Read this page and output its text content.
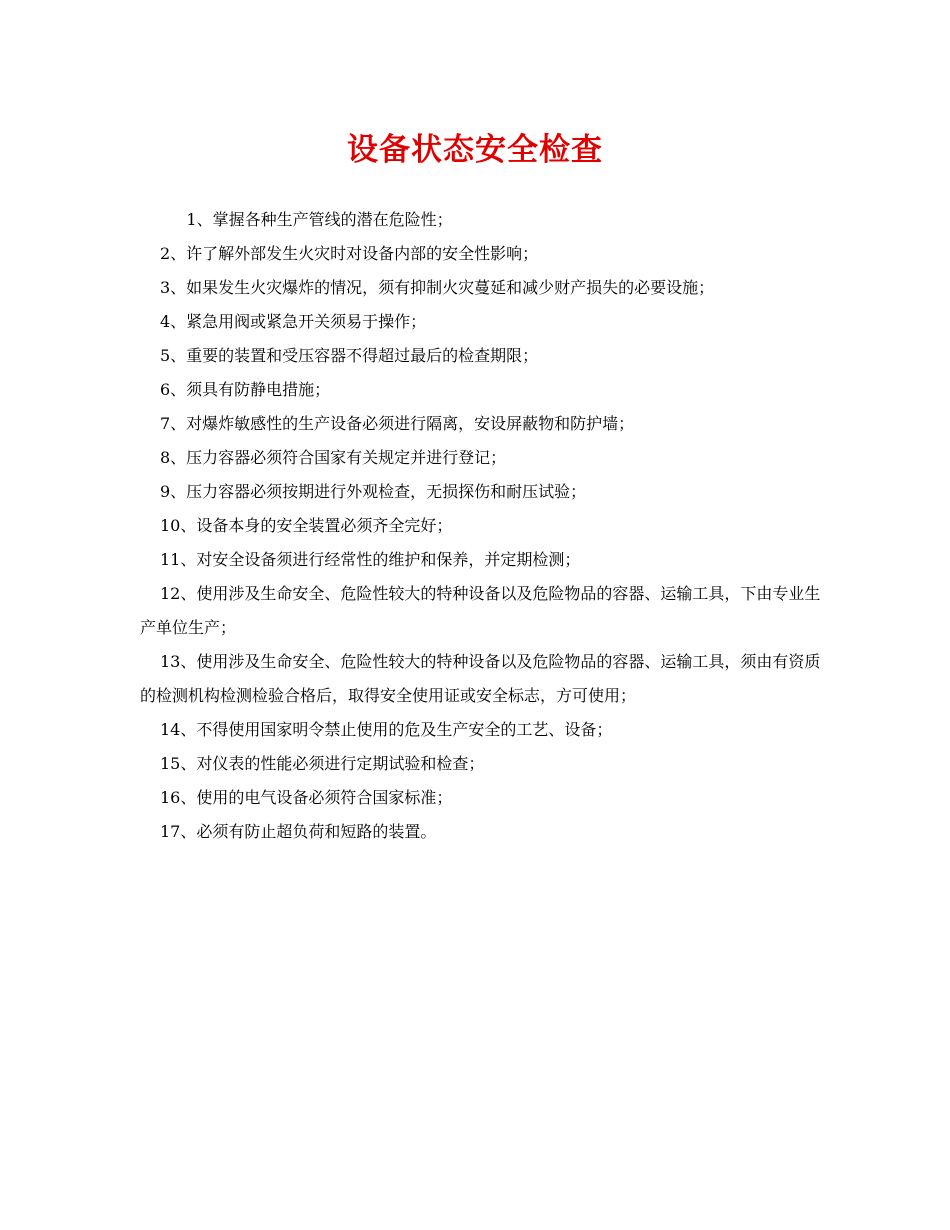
设备状态安全检查

1、掌握各种生产管线的潜在危险性；

2、许了解外部发生火灾时对设备内部的安全性影响；

3、如果发生火灾爆炸的情况，须有抑制火灾蔓延和减少财产损失的必要设施；

4、紧急用阀或紧急开关须易于操作；

5、重要的装置和受压容器不得超过最后的检查期限；

6、须具有防静电措施；

7、对爆炸敏感性的生产设备必须进行隔离，安设屏蔽物和防护墙；

8、压力容器必须符合国家有关规定并进行登记；

9、压力容器必须按期进行外观检查，无损探伤和耐压试验；

10、设备本身的安全装置必须齐全完好；

11、对安全设备须进行经常性的维护和保养，并定期检测；

12、使用涉及生命安全、危险性较大的特种设备以及危险物品的容器、运输工具，下由专业生产单位生产；

13、使用涉及生命安全、危险性较大的特种设备以及危险物品的容器、运输工具，须由有资质的检测机构检测检验合格后，取得安全使用证或安全标志，方可使用；

14、不得使用国家明令禁止使用的危及生产安全的工艺、设备；

15、对仪表的性能必须进行定期试验和检查；

16、使用的电气设备必须符合国家标准；

17、必须有防止超负荷和短路的装置。
